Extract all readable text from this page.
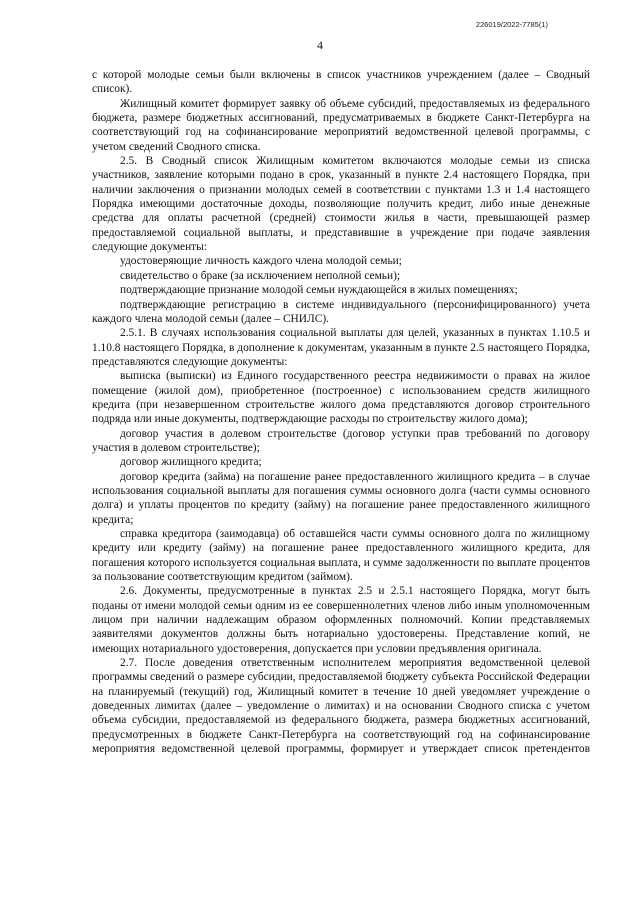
226019/2022-7785(1)
4

с которой молодые семьи были включены в список участников учреждением (далее – Сводный список).

Жилищный комитет формирует заявку об объеме субсидий, предоставляемых из федерального бюджета, размере бюджетных ассигнований, предусматриваемых в бюджете Санкт-Петербурга на соответствующий год на софинансирование мероприятий ведомственной целевой программы, с учетом сведений Сводного списка.

2.5. В Сводный список Жилищным комитетом включаются молодые семьи из списка участников, заявление которыми подано в срок, указанный в пункте 2.4 настоящего Порядка, при наличии заключения о признании молодых семей в соответствии с пунктами 1.3 и 1.4 настоящего Порядка имеющими достаточные доходы, позволяющие получить кредит, либо иные денежные средства для оплаты расчетной (средней) стоимости жилья в части, превышающей размер предоставляемой социальной выплаты, и представившие в учреждение при подаче заявления следующие документы:

удостоверяющие личность каждого члена молодой семьи;

свидетельство о браке (за исключением неполной семьи);

подтверждающие признание молодой семьи нуждающейся в жилых помещениях;

подтверждающие регистрацию в системе индивидуального (персонифицированного) учета каждого члена молодой семьи (далее – СНИЛС).

2.5.1. В случаях использования социальной выплаты для целей, указанных в пунктах 1.10.5 и 1.10.8 настоящего Порядка, в дополнение к документам, указанным в пункте 2.5 настоящего Порядка, представляются следующие документы:

выписка (выписки) из Единого государственного реестра недвижимости о правах на жилое помещение (жилой дом), приобретенное (построенное) с использованием средств жилищного кредита (при незавершенном строительстве жилого дома представляются договор строительного подряда или иные документы, подтверждающие расходы по строительству жилого дома);

договор участия в долевом строительстве (договор уступки прав требований по договору участия в долевом строительстве);

договор жилищного кредита;

договор кредита (займа) на погашение ранее предоставленного жилищного кредита – в случае использования социальной выплаты для погашения суммы основного долга (части суммы основного долга) и уплаты процентов по кредиту (займу) на погашение ранее предоставленного жилищного кредита;

справка кредитора (заимодавца) об оставшейся части суммы основного долга по жилищному кредиту или кредиту (займу) на погашение ранее предоставленного жилищного кредита, для погашения которого используется социальная выплата, и сумме задолженности по выплате процентов за пользование соответствующим кредитом (займом).

2.6. Документы, предусмотренные в пунктах 2.5 и 2.5.1 настоящего Порядка, могут быть поданы от имени молодой семьи одним из ее совершеннолетних членов либо иным уполномоченным лицом при наличии надлежащим образом оформленных полномочий. Копии представляемых заявителями документов должны быть нотариально удостоверены. Представление копий, не имеющих нотариального удостоверения, допускается при условии предъявления оригинала.

2.7. После доведения ответственным исполнителем мероприятия ведомственной целевой программы сведений о размере субсидии, предоставляемой бюджету субъекта Российской Федерации на планируемый (текущий) год, Жилищный комитет в течение 10 дней уведомляет учреждение о доведенных лимитах (далее – уведомление о лимитах) и на основании Сводного списка с учетом объема субсидии, предоставляемой из федерального бюджета, размера бюджетных ассигнований, предусмотренных в бюджете Санкт-Петербурга на соответствующий год на софинансирование мероприятия ведомственной целевой программы, формирует и утверждает список претендентов
